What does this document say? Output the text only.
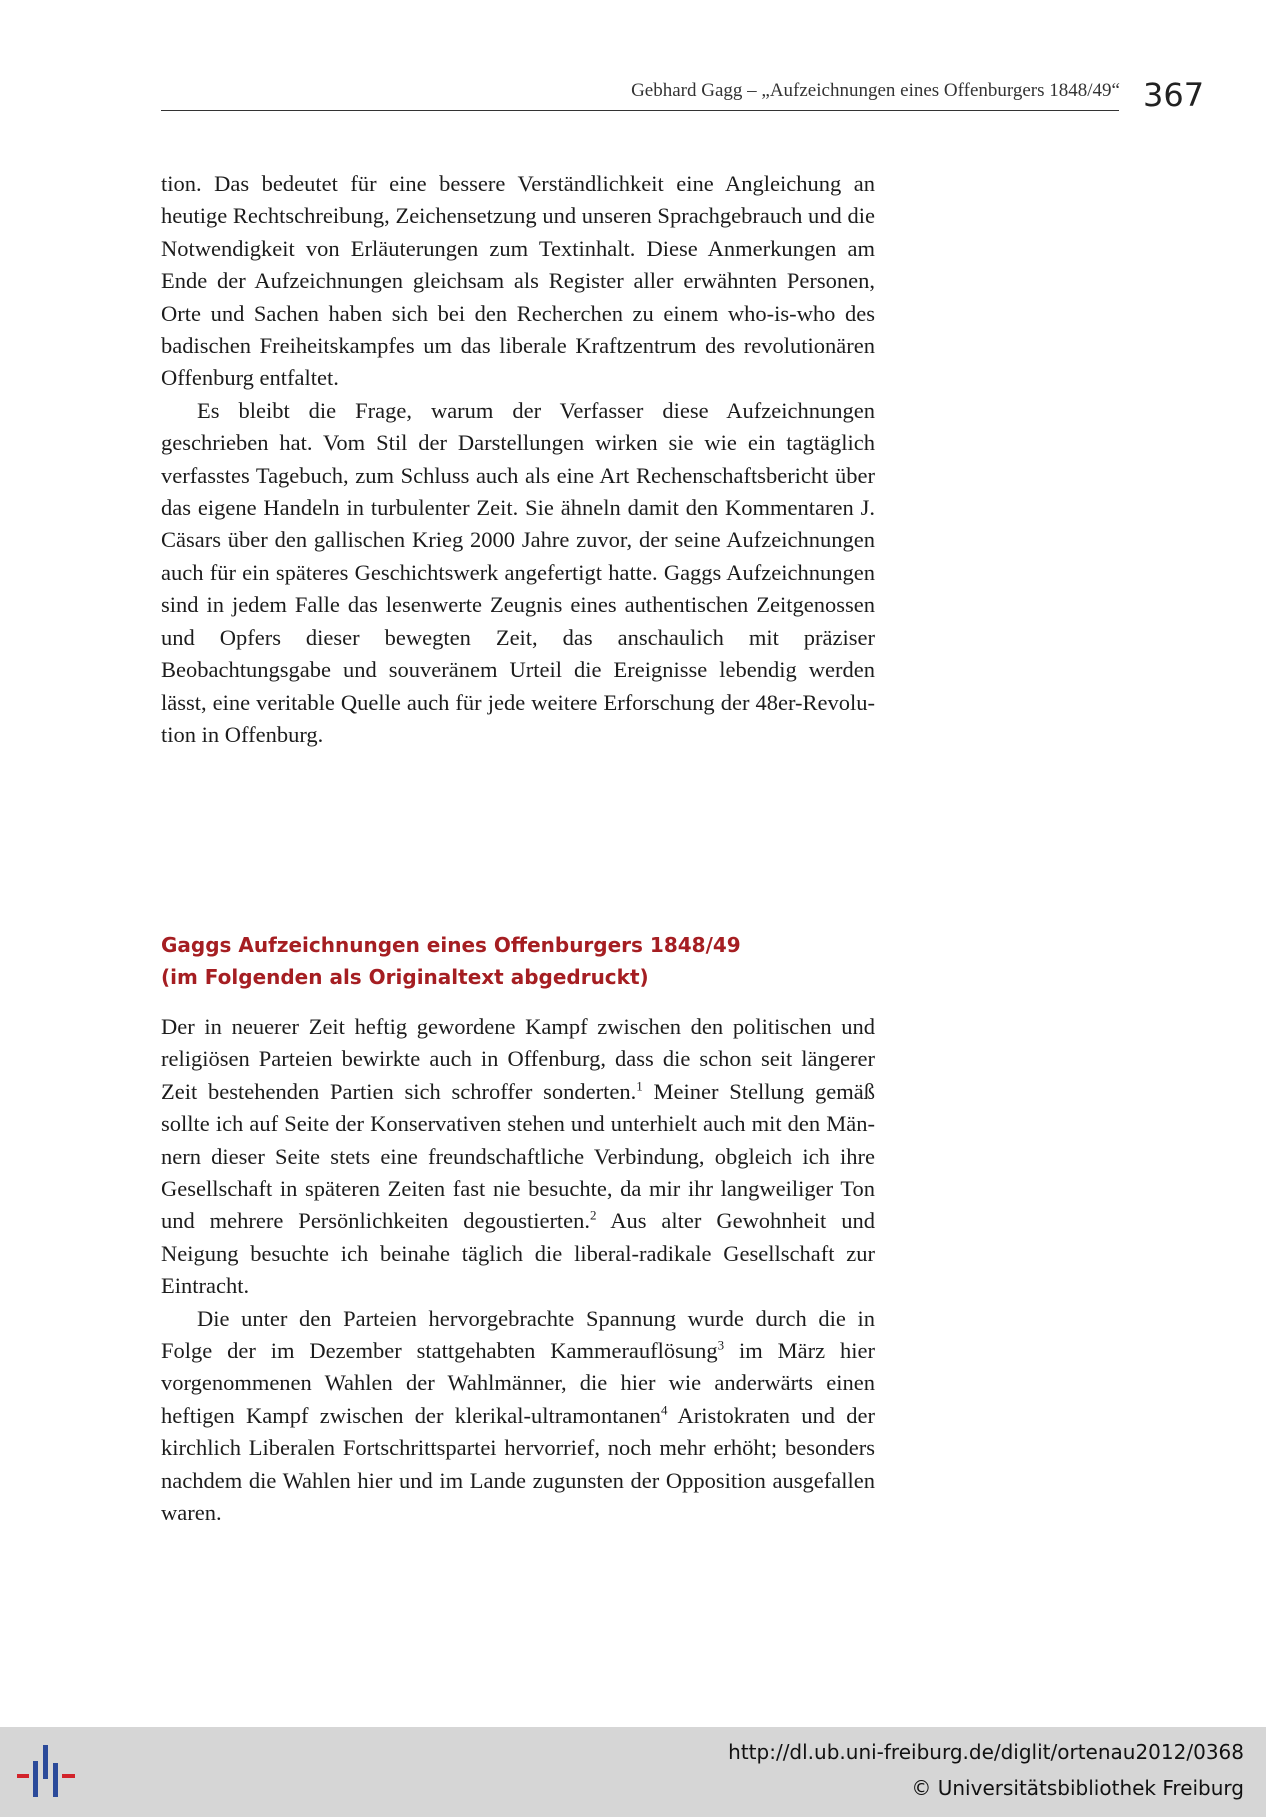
Gebhard Gagg – „Aufzeichnungen eines Offenburgers 1848/49“ 367

tion. Das bedeutet für eine bessere Verständlichkeit eine Angleichung an heutige Rechtschreibung, Zeichensetzung und unseren Sprachgebrauch und die Notwendigkeit von Erläuterungen zum Textinhalt. Diese Anmerkungen am Ende der Aufzeichnungen gleichsam als Register aller erwähnten Personen, Orte und Sachen haben sich bei den Recherchen zu einem who-is-who des badischen Freiheitskampfes um das liberale Kraftzentrum des revolutionären Offenburg entfaltet.

Es bleibt die Frage, warum der Verfasser diese Aufzeichnungen geschrieben hat. Vom Stil der Darstellungen wirken sie wie ein tagtäglich verfasstes Tagebuch, zum Schluss auch als eine Art Rechenschaftsbericht über das eigene Handeln in turbulenter Zeit. Sie ähneln damit den Kommentaren J. Cäsars über den gallischen Krieg 2000 Jahre zuvor, der seine Aufzeichnungen auch für ein späteres Geschichtswerk angefertigt hatte. Gaggs Aufzeichnungen sind in jedem Falle das lesenwerte Zeugnis eines authentischen Zeitgenossen und Opfers dieser bewegten Zeit, das anschaulich mit präziser Beobachtungsgabe und souveränem Urteil die Ereignisse lebendig werden lässt, eine veritable Quelle auch für jede weitere Erforschung der 48er-Revolution in Offenburg.

Gaggs Aufzeichnungen eines Offenburgers 1848/49
(im Folgenden als Originaltext abgedruckt)

Der in neuerer Zeit heftig gewordene Kampf zwischen den politischen und religiösen Parteien bewirkte auch in Offenburg, dass die schon seit längerer Zeit bestehenden Partien sich schroffer sonderten.$^1$ Meiner Stellung gemäß sollte ich auf Seite der Konservativen stehen und unterhielt auch mit den Männern dieser Seite stets eine freundschaftliche Verbindung, obgleich ich ihre Gesellschaft in späteren Zeiten fast nie besuchte, da mir ihr langweiliger Ton und mehrere Persönlichkeiten degoustierten.$^2$ Aus alter Gewohnheit und Neigung besuchte ich beinahe täglich die liberal-radikale Gesellschaft zur Eintracht.

Die unter den Parteien hervorgebrachte Spannung wurde durch die in Folge der im Dezember stattgehabten Kammerauflösung$^3$ im März hier vorgenommenen Wahlen der Wahlmänner, die hier wie anderwärts einen heftigen Kampf zwischen der klerikal-ultramontanen$^4$ Aristokraten und der kirchlich Liberalen Fortschrittspartei hervorrief, noch mehr erhöht; besonders nachdem die Wahlen hier und im Lande zugunsten der Opposition ausgefallen waren.

http://dl.ub.uni-freiburg.de/diglit/ortenau2012/0368
© Universitätsbibliothek Freiburg
